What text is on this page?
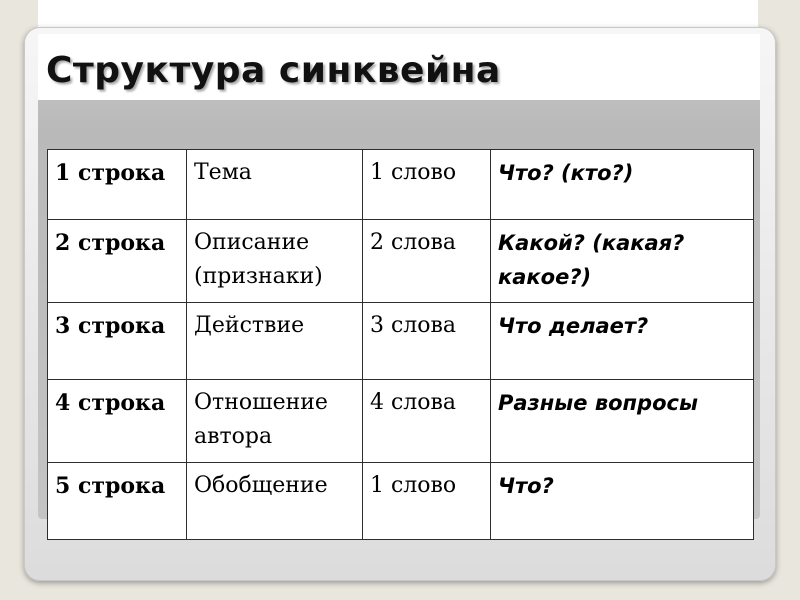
Структура синквейна
1 строка	Тема	1 слово	Что? (кто?)
2 строка	Описание (признаки)	2 слова	Какой? (какая? какое?)
3 строка	Действие	3 слова	Что делает?
4 строка	Отношение автора	4 слова	Разные вопросы
5 строка	Обобщение	1 слово	Что?
